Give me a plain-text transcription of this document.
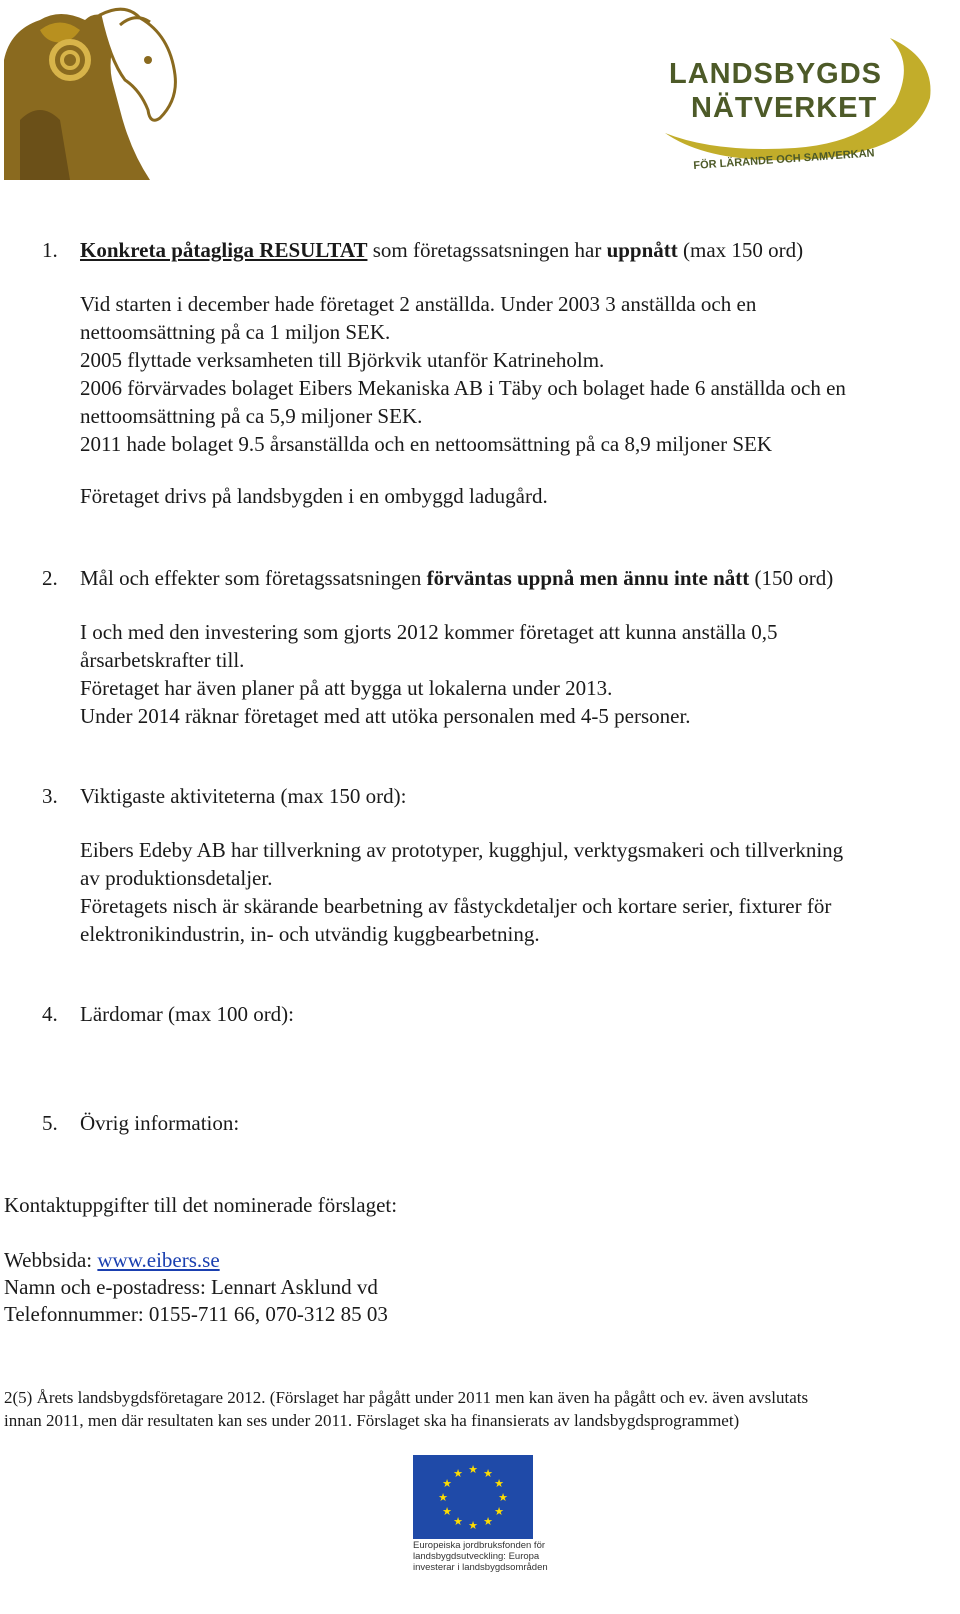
LANDSBYGDS
NÄTVERKET
FÖR LÄRANDE OCH SAMVERKAN
1. Konkreta påtagliga RESULTAT som företagssatsningen har uppnått (max 150 ord)
Vid starten i december hade företaget 2 anställda. Under 2003 3 anställda och en
nettoomsättning på ca 1 miljon SEK.
2005 flyttade verksamheten till Björkvik utanför Katrineholm.
2006 förvärvades bolaget Eibers Mekaniska AB i Täby och bolaget hade 6 anställda och en
nettoomsättning på ca 5,9 miljoner SEK.
2011 hade bolaget 9.5 årsanställda och en nettoomsättning på ca 8,9 miljoner SEK
Företaget drivs på landsbygden i en ombyggd ladugård.
2. Mål och effekter som företagssatsningen förväntas uppnå men ännu inte nått (150 ord)
I och med den investering som gjorts 2012 kommer företaget att kunna anställa 0,5
årsarbetskrafter till.
Företaget har även planer på att bygga ut lokalerna under 2013.
Under 2014 räknar företaget med att utöka personalen med 4-5 personer.
3. Viktigaste aktiviteterna (max 150 ord):
Eibers Edeby AB har tillverkning av prototyper, kugghjul, verktygsmakeri och tillverkning
av produktionsdetaljer.
Företagets nisch är skärande bearbetning av fåstyckdetaljer och kortare serier, fixturer för
elektronikindustrin, in- och utvändig kuggbearbetning.
4. Lärdomar (max 100 ord):
5. Övrig information:
Kontaktuppgifter till det nominerade förslaget:
Webbsida: www.eibers.se
Namn och e-postadress: Lennart Asklund vd
Telefonnummer: 0155-711 66, 070-312 85 03
2(5) Årets landsbygdsföretagare 2012. (Förslaget har pågått under 2011 men kan även ha pågått och ev. även avslutats
innan 2011, men där resultaten kan ses under 2011. Förslaget ska ha finansierats av landsbygdsprogrammet)
★ ★
★
★
★
★
★
★
★
★
★
★
Europeiska jordbruksfonden för
landsbygdsutveckling: Europa
investerar i landsbygdsområden
